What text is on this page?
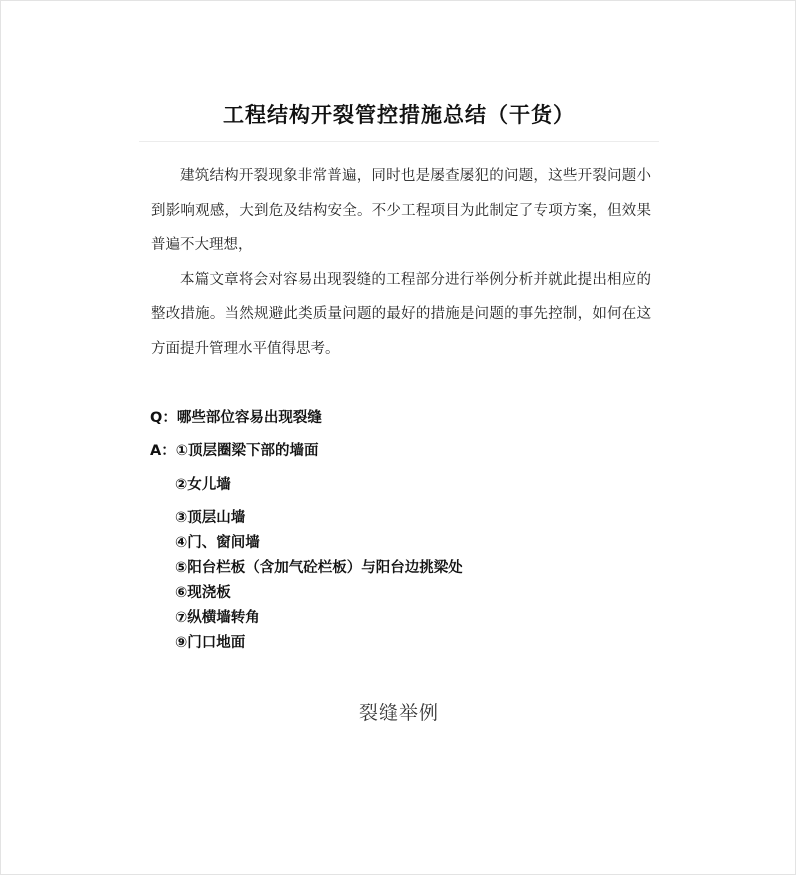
工程结构开裂管控措施总结（干货）

建筑结构开裂现象非常普遍，同时也是屡查屡犯的问题，这些开裂问题小到影响观感，大到危及结构安全。不少工程项目为此制定了专项方案，但效果普遍不大理想，

本篇文章将会对容易出现裂缝的工程部分进行举例分析并就此提出相应的整改措施。当然规避此类质量问题的最好的措施是问题的事先控制，如何在这方面提升管理水平值得思考。

Q：哪些部位容易出现裂缝
A：①顶层圈梁下部的墙面
②女儿墙
③顶层山墙
④门、窗间墙
⑤阳台栏板（含加气砼栏板）与阳台边挑梁处
⑥现浇板
⑦纵横墙转角
⑨门口地面
裂缝举例
